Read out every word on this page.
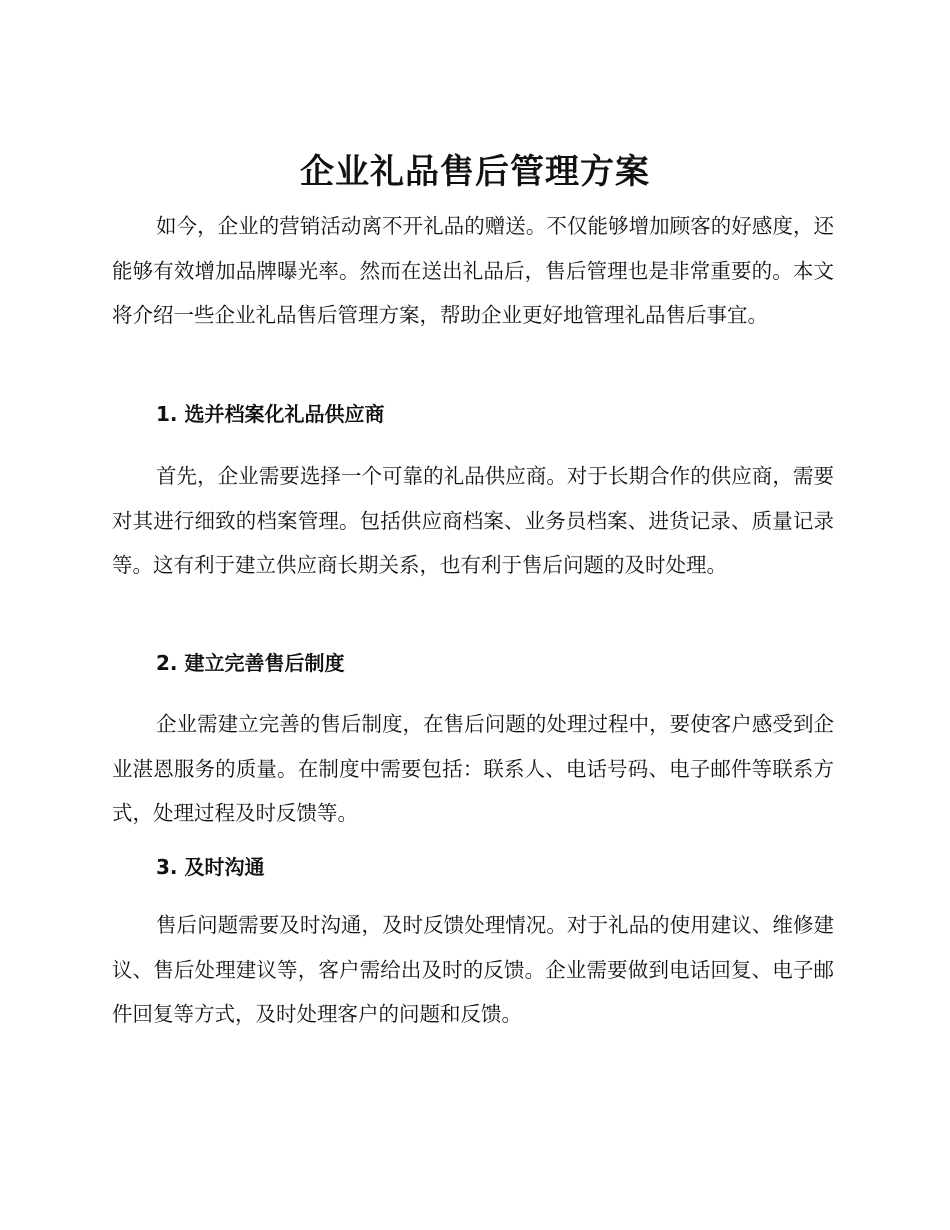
企业礼品售后管理方案

如今，企业的营销活动离不开礼品的赠送。不仅能够增加顾客的好感度，还能够有效增加品牌曝光率。然而在送出礼品后，售后管理也是非常重要的。本文将介绍一些企业礼品售后管理方案，帮助企业更好地管理礼品售后事宜。

1. 选并档案化礼品供应商

首先，企业需要选择一个可靠的礼品供应商。对于长期合作的供应商，需要对其进行细致的档案管理。包括供应商档案、业务员档案、进货记录、质量记录等。这有利于建立供应商长期关系，也有利于售后问题的及时处理。

2. 建立完善售后制度

企业需建立完善的售后制度，在售后问题的处理过程中，要使客户感受到企业湛恩服务的质量。在制度中需要包括：联系人、电话号码、电子邮件等联系方式，处理过程及时反馈等。

3. 及时沟通

售后问题需要及时沟通，及时反馈处理情况。对于礼品的使用建议、维修建议、售后处理建议等，客户需给出及时的反馈。企业需要做到电话回复、电子邮件回复等方式，及时处理客户的问题和反馈。
